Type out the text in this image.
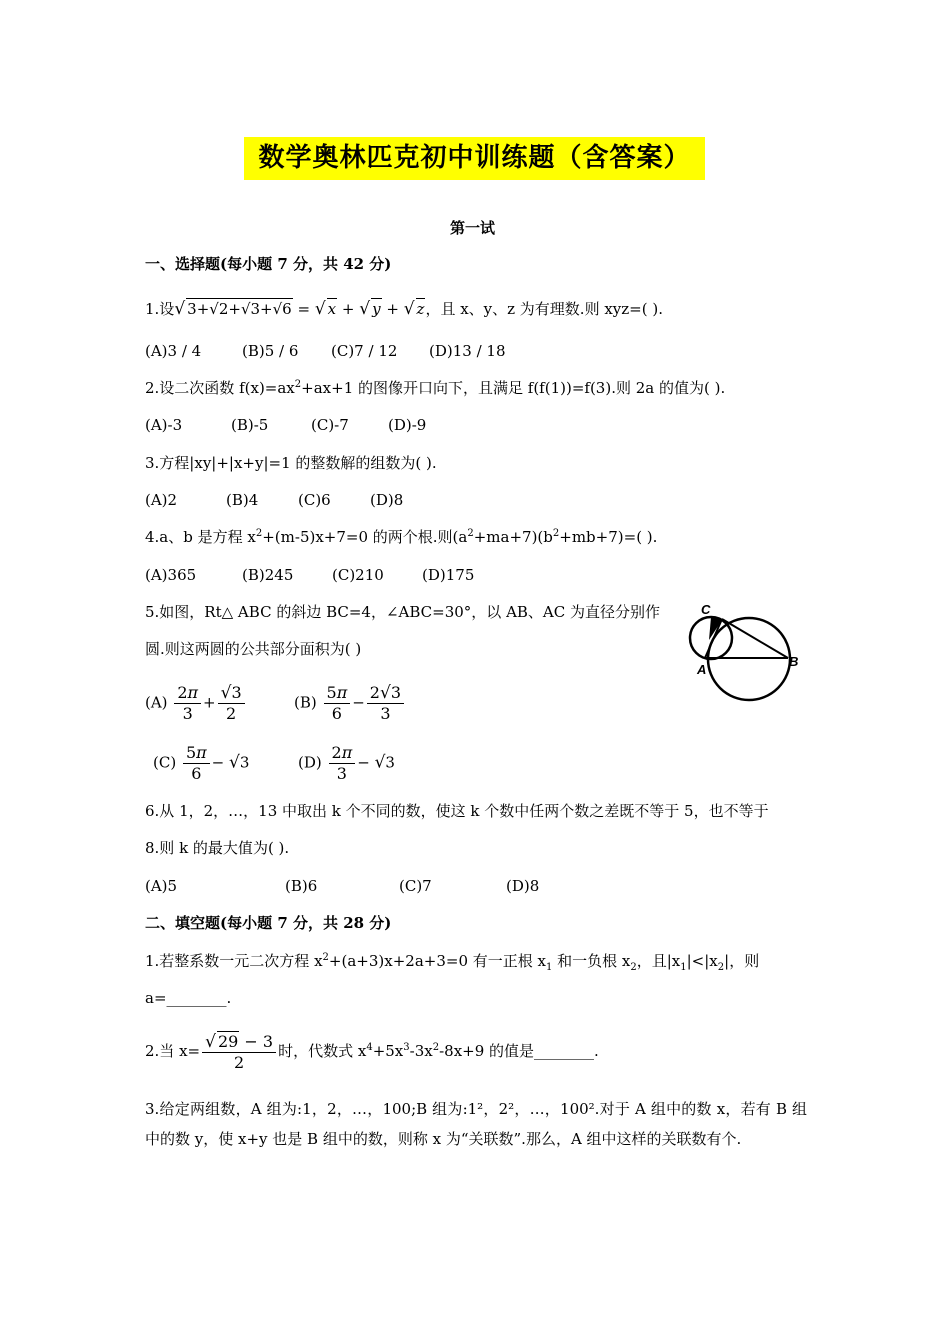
数学奥林匹克初中训练题（含答案）
第一试
一、选择题(每小题 7 分，共 42 分)
1.设√ 3+√2+√3+√6 = √ x + √ y + √ z，且 x、y、z 为有理数.则 xyz=( ).
(A)3 / 4	(B)5 / 6 (C)7 / 12 (D)13 / 18
2.设二次函数 $f(x)=ax^2+ax+1$ 的图像开口向下，且满足 f(f(1))=f(3).则 2a 的值为( ).
(A)-3	(B)-5	(C)-7	(D)-9
3.方程|xy|+|x+y|=1 的整数解的组数为( ).
(A)2	(B)4	(C)6	(D)8
4.a、b 是方程 $x^2+(m-5)x+7=0$ 的两个根.则$(a^2+ma+7)(b^2+mb+7)=$( ).
(A)365	(B)245	(C)210	(D)175
5.如图，Rt△ ABC 的斜边 BC=4，∠ABC=30°，以 AB、AC 为直径分别作
圆.则这两圆的公共部分面积为( )
C
A
B
$(A) \frac{2\pi}{3} + \frac{√3}{2}$	$(B) \frac{5\pi}{6} - \frac{2√3}{3}$
$(C) \frac{5\pi}{6} - √3$	$(D) \frac{2\pi}{3} - √3$
6.从 1，2，…，13 中取出 k 个不同的数，使这 k 个数中任两个数之差既不等于 5，也不等于
8.则 k 的最大值为( ).
(A)5	(B)6	(C)7	(D)8
二、填空题(每小题 7 分，共 28 分)
1.若整系数一元二次方程 $x^2+(a+3)x+2a+3=0$ 有一正根 $x_1$ 和一负根 $x_2$，且$|x_1|<|x_2|$，则
a=________.
2.当 $x= \frac{√ 29 - 3}{2}$ 时，代数式 $x^4+5x^3-3x^2-8x+9$ 的值是________.
3.给定两组数，A 组为:1，2，…，100;B 组为:1²，2²，…，100².对于 A 组中的数 x，若有 B 组中的数 y，使 x+y 也是 B 组中的数，则称 x 为“关联数”.那么，A 组中这样的关联数有个.
